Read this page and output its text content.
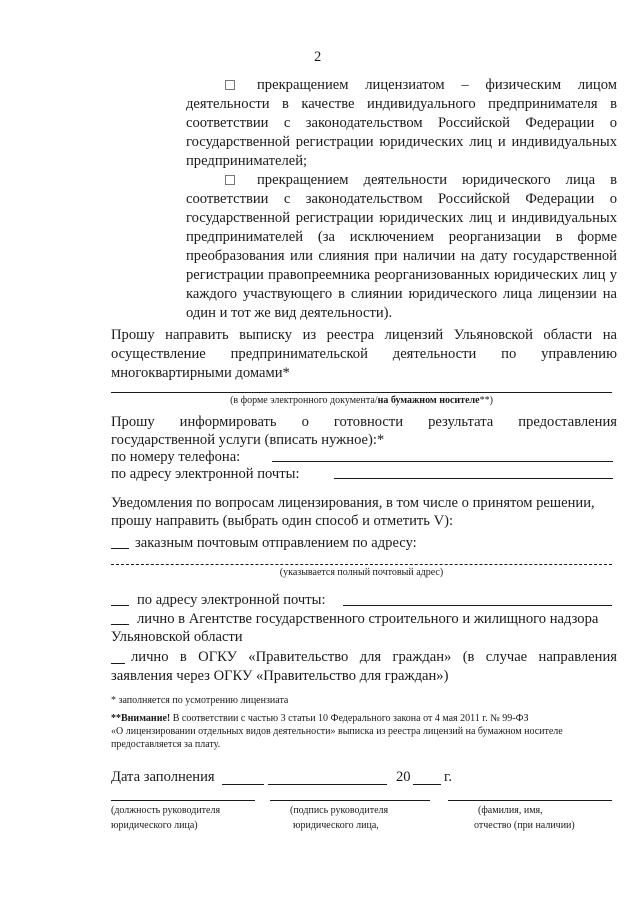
2
прекращением лицензиатом – физическим лицом
деятельности в качестве индивидуального предпринимателя в
соответствии с законодательством Российской Федерации о
государственной регистрации юридических лиц и индивидуальных
предпринимателей;
прекращением деятельности юридического лица в
соответствии с законодательством Российской Федерации о
государственной регистрации юридических лиц и индивидуальных
предпринимателей (за исключением реорганизации в форме
преобразования или слияния при наличии на дату государственной
регистрации правопреемника реорганизованных юридических лиц у
каждого участвующего в слиянии юридического лица лицензии на
один и тот же вид деятельности).
Прошу направить выписку из реестра лицензий Ульяновской области на
осуществление предпринимательской деятельности по управлению
многоквартирными домами*
(в форме электронного документа/на бумажном носителе**)
Прошу информировать о готовности результата предоставления
государственной услуги (вписать нужное):*
по номеру телефона:
по адресу электронной почты:
Уведомления по вопросам лицензирования, в том числе о принятом решении,
прошу направить (выбрать один способ и отметить V):
заказным почтовым отправлением по адресу:
(указывается полный почтовый адрес)
по адресу электронной почты:
лично в Агентстве государственного строительного и жилищного надзора
Ульяновской области
лично в ОГКУ «Правительство для граждан» (в случае направления
заявления через ОГКУ «Правительство для граждан»)
* заполняется по усмотрению лицензиата
**Внимание! В соответствии с частью 3 статьи 10 Федерального закона от 4 мая 2011 г. № 99-ФЗ
«О лицензировании отдельных видов деятельности» выписка из реестра лицензий на бумажном носителе
предоставляется за плату.
Дата заполнения	20 г.
(должность руководителя
юридического лица)
(подпись руководителя
юридического лица,
(фамилия, имя,
отчество (при наличии)
